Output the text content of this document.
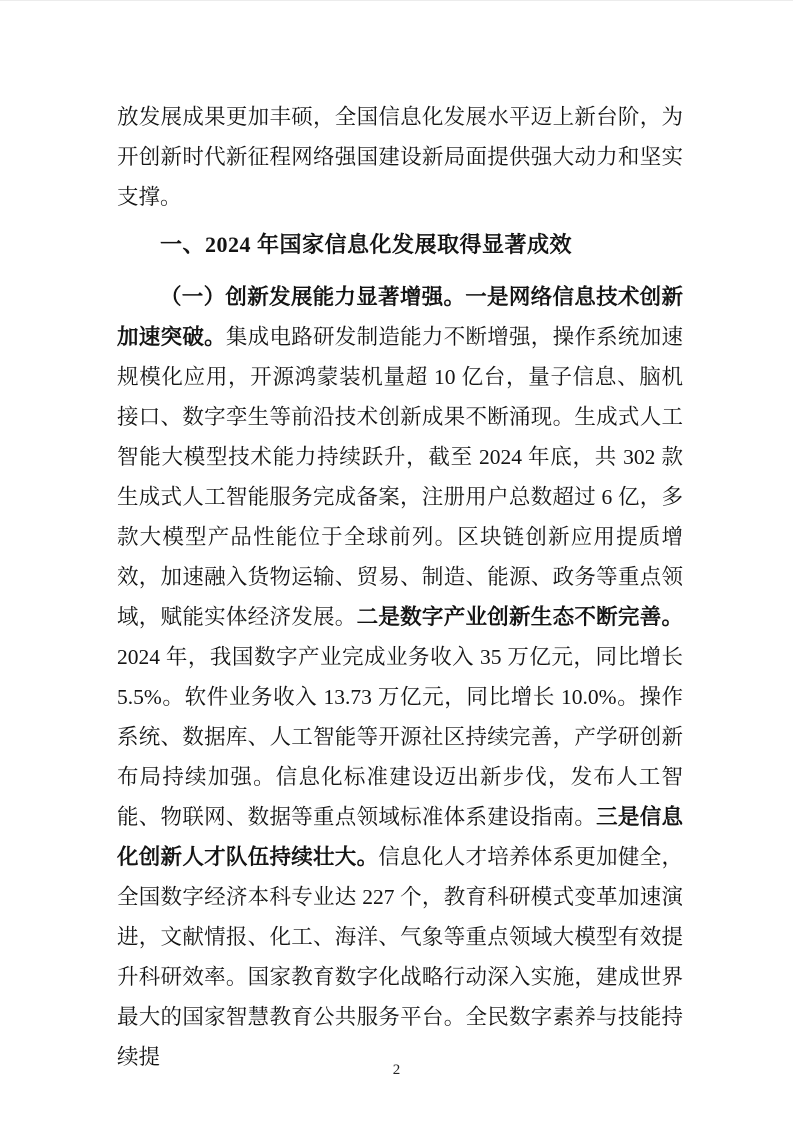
放发展成果更加丰硕，全国信息化发展水平迈上新台阶，为开创新时代新征程网络强国建设新局面提供强大动力和坚实支撑。

一、2024 年国家信息化发展取得显著成效

（一）创新发展能力显著增强。一是网络信息技术创新加速突破。集成电路研发制造能力不断增强，操作系统加速规模化应用，开源鸿蒙装机量超 10 亿台，量子信息、脑机接口、数字孪生等前沿技术创新成果不断涌现。生成式人工智能大模型技术能力持续跃升，截至 2024 年底，共 302 款生成式人工智能服务完成备案，注册用户总数超过 6 亿，多款大模型产品性能位于全球前列。区块链创新应用提质增效，加速融入货物运输、贸易、制造、能源、政务等重点领域，赋能实体经济发展。二是数字产业创新生态不断完善。2024 年，我国数字产业完成业务收入 35 万亿元，同比增长 5.5%。软件业务收入 13.73 万亿元，同比增长 10.0%。操作系统、数据库、人工智能等开源社区持续完善，产学研创新布局持续加强。信息化标准建设迈出新步伐，发布人工智能、物联网、数据等重点领域标准体系建设指南。三是信息化创新人才队伍持续壮大。信息化人才培养体系更加健全，全国数字经济本科专业达 227 个，教育科研模式变革加速演进，文献情报、化工、海洋、气象等重点领域大模型有效提升科研效率。国家教育数字化战略行动深入实施，建成世界最大的国家智慧教育公共服务平台。全民数字素养与技能持续提

2
